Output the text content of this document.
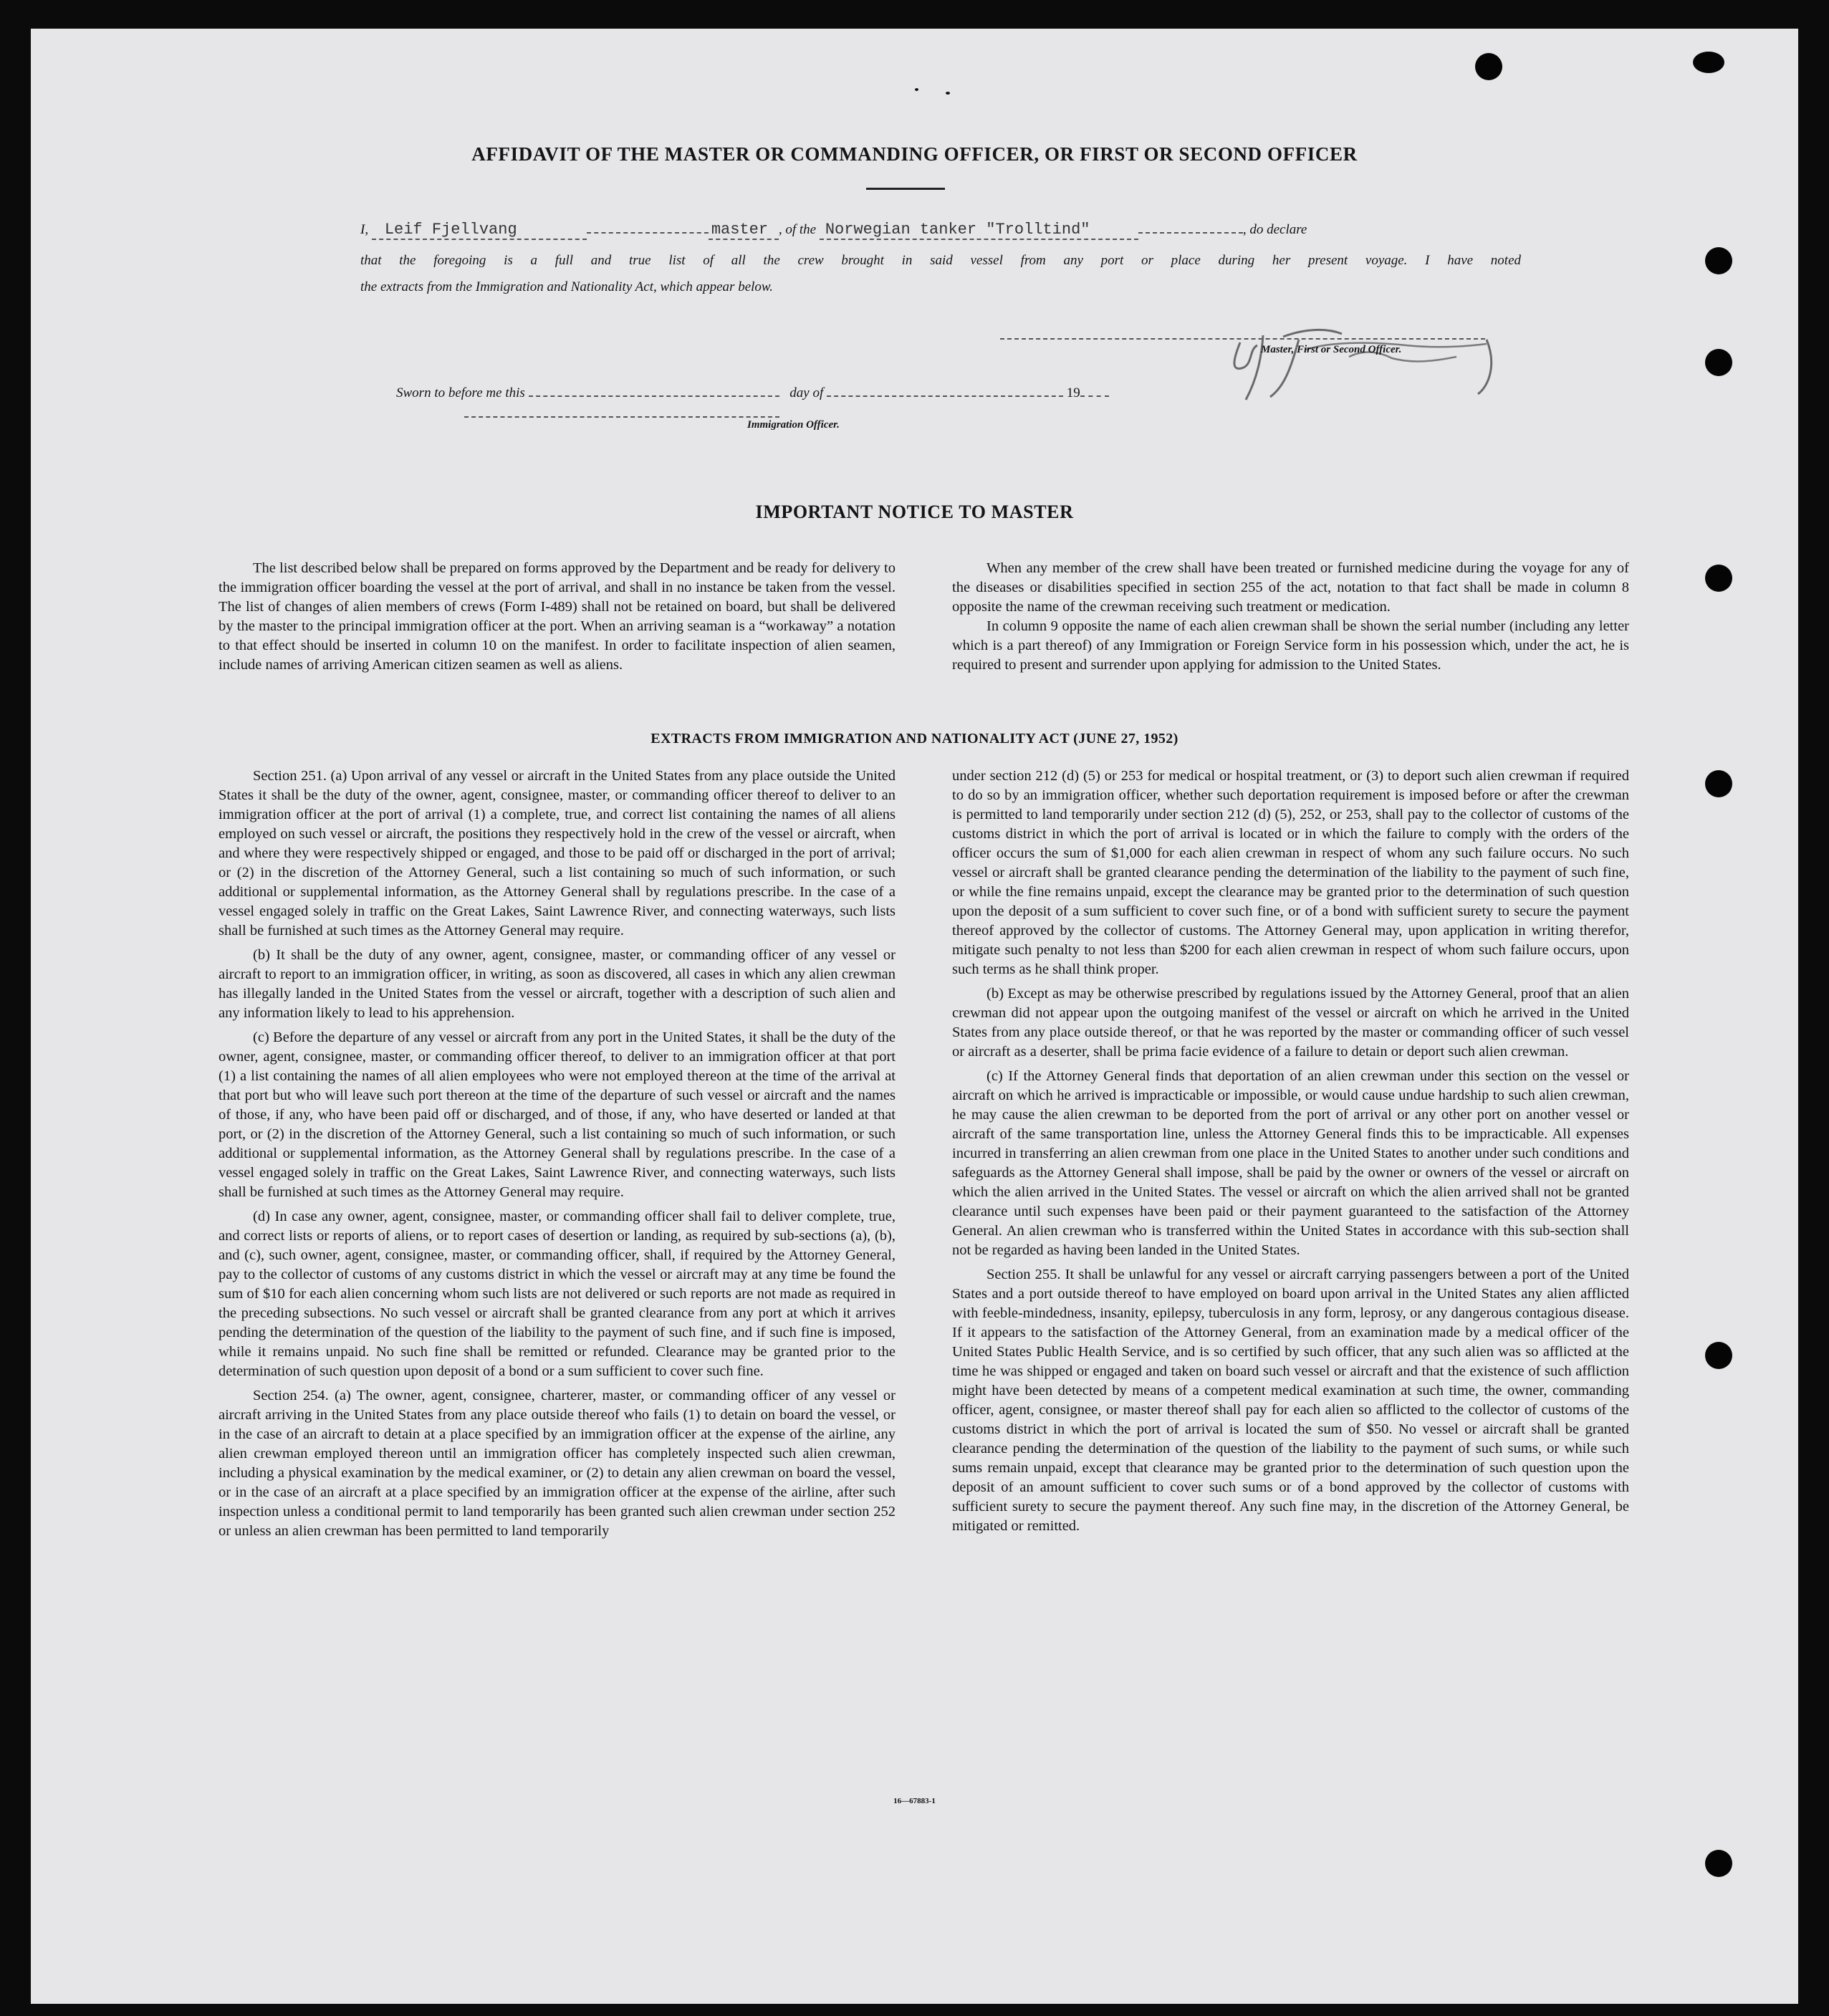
AFFIDAVIT OF THE MASTER OR COMMANDING OFFICER, OR FIRST OR SECOND OFFICER
I, Leif Fjellvang	master , of the Norwegian tanker "Trolltind"	, do declare
that the foregoing is a full and true list of all the crew brought in said vessel from any port or place during her present voyage. I have noted
the extracts from the Immigration and Nationality Act, which appear below.
Master, First or Second Officer.
Sworn to before me this	day of	19
Immigration Officer.
IMPORTANT NOTICE TO MASTER

The list described below shall be prepared on forms approved by the Department and be ready for delivery to the immigration officer boarding the vessel at the port of arrival, and shall in no instance be taken from the vessel. The list of changes of alien members of crews (Form I-489) shall not be retained on board, but shall be delivered by the master to the principal immigration officer at the port. When an arriving seaman is a “workaway” a notation to that effect should be inserted in column 10 on the manifest. In order to facilitate inspection of alien seamen, include names of arriving American citizen seamen as well as aliens.

When any member of the crew shall have been treated or furnished medicine during the voyage for any of the diseases or disabilities specified in section 255 of the act, notation to that fact shall be made in column 8 opposite the name of the crewman receiving such treatment or medication.

In column 9 opposite the name of each alien crewman shall be shown the serial number (including any letter which is a part thereof) of any Immigration or Foreign Service form in his possession which, under the act, he is required to present and surrender upon applying for admission to the United States.

EXTRACTS FROM IMMIGRATION AND NATIONALITY ACT (JUNE 27, 1952)

Section 251. (a) Upon arrival of any vessel or aircraft in the United States from any place outside the United States it shall be the duty of the owner, agent, consignee, master, or commanding officer thereof to deliver to an immigration officer at the port of arrival (1) a complete, true, and correct list containing the names of all aliens employed on such vessel or aircraft, the positions they respectively hold in the crew of the vessel or aircraft, when and where they were respectively shipped or engaged, and those to be paid off or discharged in the port of arrival; or (2) in the discretion of the Attorney General, such a list containing so much of such information, or such additional or supplemental information, as the Attorney General shall by regulations prescribe. In the case of a vessel engaged solely in traffic on the Great Lakes, Saint Lawrence River, and connecting waterways, such lists shall be furnished at such times as the Attorney General may require.

(b) It shall be the duty of any owner, agent, consignee, master, or commanding officer of any vessel or aircraft to report to an immigration officer, in writing, as soon as discovered, all cases in which any alien crewman has illegally landed in the United States from the vessel or aircraft, together with a description of such alien and any information likely to lead to his apprehension.

(c) Before the departure of any vessel or aircraft from any port in the United States, it shall be the duty of the owner, agent, consignee, master, or commanding officer thereof, to deliver to an immigration officer at that port (1) a list containing the names of all alien employees who were not employed thereon at the time of the arrival at that port but who will leave such port thereon at the time of the departure of such vessel or aircraft and the names of those, if any, who have been paid off or discharged, and of those, if any, who have deserted or landed at that port, or (2) in the discretion of the Attorney General, such a list containing so much of such information, or such additional or supplemental information, as the Attorney General shall by regulations prescribe. In the case of a vessel engaged solely in traffic on the Great Lakes, Saint Lawrence River, and connecting waterways, such lists shall be furnished at such times as the Attorney General may require.

(d) In case any owner, agent, consignee, master, or commanding officer shall fail to deliver complete, true, and correct lists or reports of aliens, or to report cases of desertion or landing, as required by sub-sections (a), (b), and (c), such owner, agent, consignee, master, or commanding officer, shall, if required by the Attorney General, pay to the collector of customs of any customs district in which the vessel or aircraft may at any time be found the sum of $10 for each alien concerning whom such lists are not delivered or such reports are not made as required in the preceding subsections. No such vessel or aircraft shall be granted clearance from any port at which it arrives pending the determination of the question of the liability to the payment of such fine, and if such fine is imposed, while it remains unpaid. No such fine shall be remitted or refunded. Clearance may be granted prior to the determination of such question upon deposit of a bond or a sum sufficient to cover such fine.

Section 254. (a) The owner, agent, consignee, charterer, master, or commanding officer of any vessel or aircraft arriving in the United States from any place outside thereof who fails (1) to detain on board the vessel, or in the case of an aircraft to detain at a place specified by an immigration officer at the expense of the airline, any alien crewman employed thereon until an immigration officer has completely inspected such alien crewman, including a physical examination by the medical examiner, or (2) to detain any alien crewman on board the vessel, or in the case of an aircraft at a place specified by an immigration officer at the expense of the airline, after such inspection unless a conditional permit to land temporarily has been granted such alien crewman under section 252 or unless an alien crewman has been permitted to land temporarily

under section 212 (d) (5) or 253 for medical or hospital treatment, or (3) to deport such alien crewman if required to do so by an immigration officer, whether such deportation requirement is imposed before or after the crewman is permitted to land temporarily under section 212 (d) (5), 252, or 253, shall pay to the collector of customs of the customs district in which the port of arrival is located or in which the failure to comply with the orders of the officer occurs the sum of $1,000 for each alien crewman in respect of whom any such failure occurs. No such vessel or aircraft shall be granted clearance pending the determination of the liability to the payment of such fine, or while the fine remains unpaid, except the clearance may be granted prior to the determination of such question upon the deposit of a sum sufficient to cover such fine, or of a bond with sufficient surety to secure the payment thereof approved by the collector of customs. The Attorney General may, upon application in writing therefor, mitigate such penalty to not less than $200 for each alien crewman in respect of whom such failure occurs, upon such terms as he shall think proper.

(b) Except as may be otherwise prescribed by regulations issued by the Attorney General, proof that an alien crewman did not appear upon the outgoing manifest of the vessel or aircraft on which he arrived in the United States from any place outside thereof, or that he was reported by the master or commanding officer of such vessel or aircraft as a deserter, shall be prima facie evidence of a failure to detain or deport such alien crewman.

(c) If the Attorney General finds that deportation of an alien crewman under this section on the vessel or aircraft on which he arrived is impracticable or impossible, or would cause undue hardship to such alien crewman, he may cause the alien crewman to be deported from the port of arrival or any other port on another vessel or aircraft of the same transportation line, unless the Attorney General finds this to be impracticable. All expenses incurred in transferring an alien crewman from one place in the United States to another under such conditions and safeguards as the Attorney General shall impose, shall be paid by the owner or owners of the vessel or aircraft on which the alien arrived in the United States. The vessel or aircraft on which the alien arrived shall not be granted clearance until such expenses have been paid or their payment guaranteed to the satisfaction of the Attorney General. An alien crewman who is transferred within the United States in accordance with this sub-section shall not be regarded as having been landed in the United States.

Section 255. It shall be unlawful for any vessel or aircraft carrying passengers between a port of the United States and a port outside thereof to have employed on board upon arrival in the United States any alien afflicted with feeble-mindedness, insanity, epilepsy, tuberculosis in any form, leprosy, or any dangerous contagious disease. If it appears to the satisfaction of the Attorney General, from an examination made by a medical officer of the United States Public Health Service, and is so certified by such officer, that any such alien was so afflicted at the time he was shipped or engaged and taken on board such vessel or aircraft and that the existence of such affliction might have been detected by means of a competent medical examination at such time, the owner, commanding officer, agent, consignee, or master thereof shall pay for each alien so afflicted to the collector of customs of the customs district in which the port of arrival is located the sum of $50. No vessel or aircraft shall be granted clearance pending the determination of the question of the liability to the payment of such sums, or while such sums remain unpaid, except that clearance may be granted prior to the determination of such question upon the deposit of an amount sufficient to cover such sums or of a bond approved by the collector of customs with sufficient surety to secure the payment thereof. Any such fine may, in the discretion of the Attorney General, be mitigated or remitted.

16—67883-1
